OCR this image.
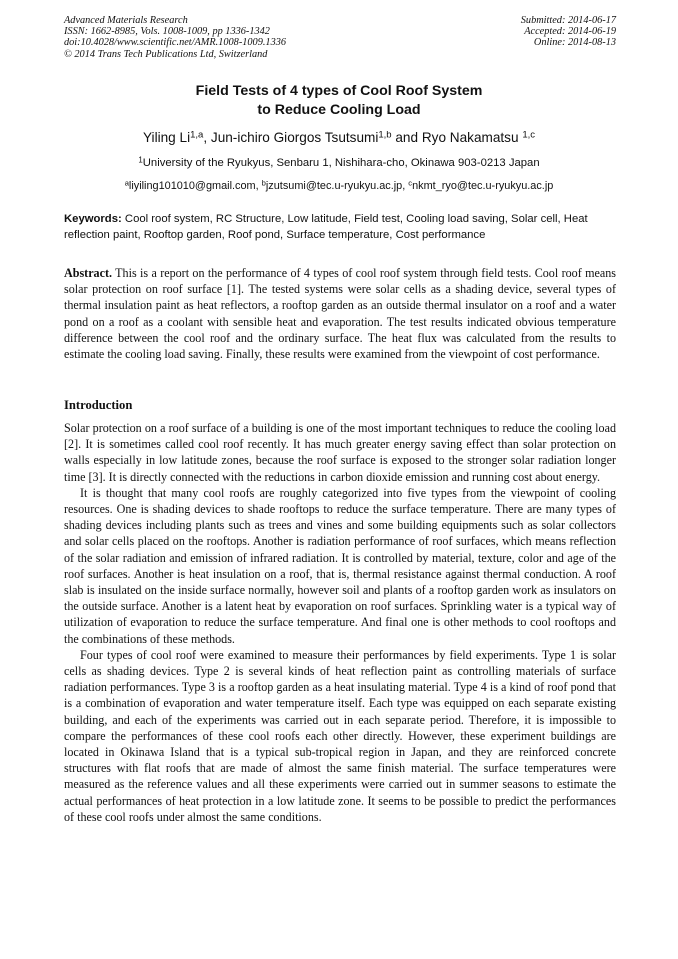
Advanced Materials Research
ISSN: 1662-8985, Vols. 1008-1009, pp 1336-1342
doi:10.4028/www.scientific.net/AMR.1008-1009.1336
© 2014 Trans Tech Publications Ltd, Switzerland
Submitted: 2014-06-17
Accepted: 2014-06-19
Online: 2014-08-13
Field Tests of 4 types of Cool Roof System
to Reduce Cooling Load
Yiling Li$^{1,a}$, Jun-ichiro Giorgos Tsutsumi$^{1,b}$ and Ryo Nakamatsu $^{1,c}$
$^1$University of the Ryukyus, Senbaru 1, Nishihara-cho, Okinawa 903-0213 Japan
$^a$liyiling101010@gmail.com, $^b$jzutsumi@tec.u-ryukyu.ac.jp, $^c$nkmt_ryo@tec.u-ryukyu.ac.jp
Keywords: Cool roof system, RC Structure, Low latitude, Field test, Cooling load saving, Solar cell, Heat reflection paint, Rooftop garden, Roof pond, Surface temperature, Cost performance
Abstract. This is a report on the performance of 4 types of cool roof system through field tests. Cool roof means solar protection on roof surface [1]. The tested systems were solar cells as a shading device, several types of thermal insulation paint as heat reflectors, a rooftop garden as an outside thermal insulator on a roof and a water pond on a roof as a coolant with sensible heat and evaporation. The test results indicated obvious temperature difference between the cool roof and the ordinary surface. The heat flux was calculated from the results to estimate the cooling load saving. Finally, these results were examined from the viewpoint of cost performance.
Introduction

Solar protection on a roof surface of a building is one of the most important techniques to reduce the cooling load [2]. It is sometimes called cool roof recently. It has much greater energy saving effect than solar protection on walls especially in low latitude zones, because the roof surface is exposed to the stronger solar radiation longer time [3]. It is directly connected with the reductions in carbon dioxide emission and running cost about energy.

It is thought that many cool roofs are roughly categorized into five types from the viewpoint of cooling resources. One is shading devices to shade rooftops to reduce the surface temperature. There are many types of shading devices including plants such as trees and vines and some building equipments such as solar collectors and solar cells placed on the rooftops. Another is radiation performance of roof surfaces, which means reflection of the solar radiation and emission of infrared radiation. It is controlled by material, texture, color and age of the roof surfaces. Another is heat insulation on a roof, that is, thermal resistance against thermal conduction. A roof slab is insulated on the inside surface normally, however soil and plants of a rooftop garden work as insulators on the outside surface. Another is a latent heat by evaporation on roof surfaces. Sprinkling water is a typical way of utilization of evaporation to reduce the surface temperature. And final one is other methods to cool rooftops and the combinations of these methods.

Four types of cool roof were examined to measure their performances by field experiments. Type 1 is solar cells as shading devices. Type 2 is several kinds of heat reflection paint as controlling materials of surface radiation performances. Type 3 is a rooftop garden as a heat insulating material. Type 4 is a kind of roof pond that is a combination of evaporation and water temperature itself. Each type was equipped on each separate existing building, and each of the experiments was carried out in each separate period. Therefore, it is impossible to compare the performances of these cool roofs each other directly. However, these experiment buildings are located in Okinawa Island that is a typical sub-tropical region in Japan, and they are reinforced concrete structures with flat roofs that are made of almost the same finish material. The surface temperatures were measured as the reference values and all these experiments were carried out in summer seasons to estimate the actual performances of heat protection in a low latitude zone. It seems to be possible to predict the performances of these cool roofs under almost the same conditions.
